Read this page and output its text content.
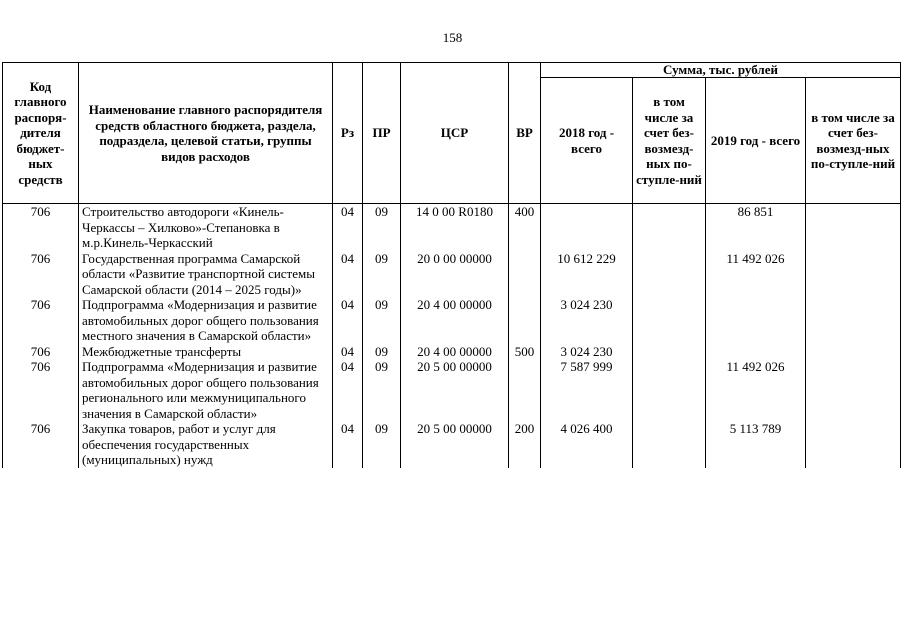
158
Код главного распоря-дителя бюджет-ных средств	Наименование главного распорядителя средств областного бюджета, раздела, подраздела, целевой статьи, группы видов расходов	Рз	ПР	ЦСР	ВР	Сумма, тыс. рублей			
						2018 год - всего	в том числе за счет без-возмезд-ных по-ступле-ний	2019 год - всего	в том числе за счет без-возмезд-ных по-ступле-ний
706	Строительство автодороги «Кинель-Черкассы – Хилково»-Степановка в м.р.Кинель-Черкасский	04	09	14 0 00 R0180	400			86 851	
706	Государственная программа Самарской области «Развитие транспортной системы Самарской области (2014 – 2025 годы)»	04	09	20 0 00 00000		10 612 229		11 492 026	
706	Подпрограмма «Модернизация и развитие автомобильных дорог общего пользования местного значения в Самарской области»	04	09	20 4 00 00000		3 024 230			
706	Межбюджетные трансферты	04	09	20 4 00 00000	500	3 024 230			
706	Подпрограмма «Модернизация и развитие автомобильных дорог общего пользования регионального или межмуниципального значения в Самарской области»	04	09	20 5 00 00000		7 587 999		11 492 026	
706	Закупка товаров, работ и услуг для обеспечения государственных (муниципальных) нужд	04	09	20 5 00 00000	200	4 026 400		5 113 789	
